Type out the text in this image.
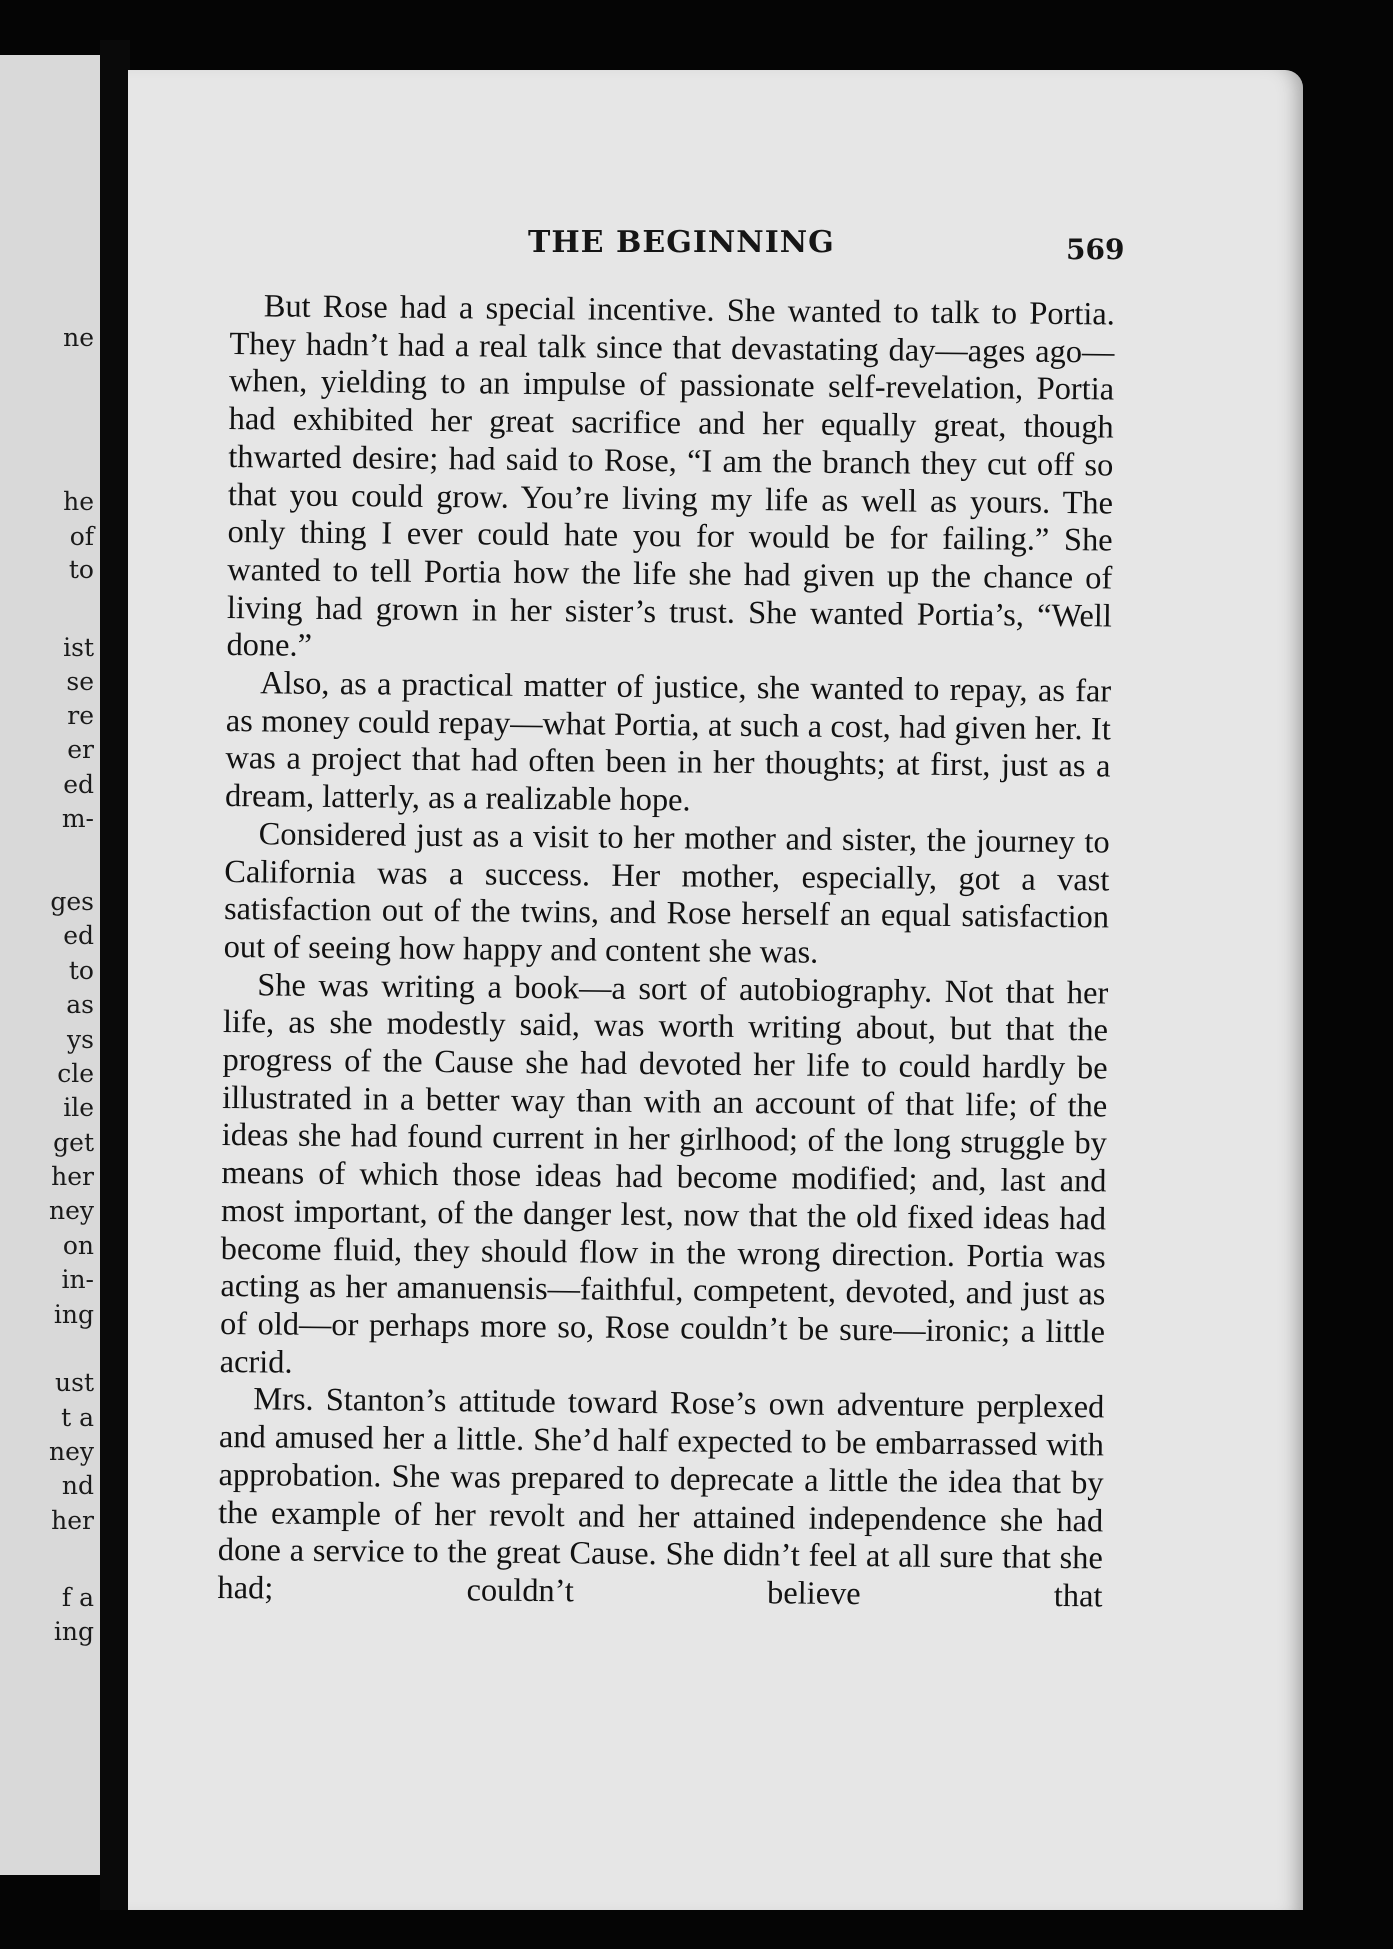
ne
he
of
to
ist
se
re
er
ed
m-
ges
ed
to
as
ys
cle
ile
get
her
ney
on
in-
ing
ust
t a
ney
nd
her
f a
ing
THE BEGINNING	569

But Rose had a special incentive. She wanted to talk to Portia. They hadn’t had a real talk since that devastating day—ages ago—when, yielding to an impulse of passionate self-revelation, Portia had exhibited her great sacrifice and her equally great, though thwarted desire; had said to Rose, “I am the branch they cut off so that you could grow. You’re living my life as well as yours. The only thing I ever could hate you for would be for failing.” She wanted to tell Portia how the life she had given up the chance of living had grown in her sister’s trust. She wanted Portia’s, “Well done.”

Also, as a practical matter of justice, she wanted to repay, as far as money could repay—what Portia, at such a cost, had given her. It was a project that had often been in her thoughts; at first, just as a dream, latterly, as a realizable hope.

Considered just as a visit to her mother and sister, the journey to California was a success. Her mother, especially, got a vast satisfaction out of the twins, and Rose herself an equal satisfaction out of seeing how happy and content she was.

She was writing a book—a sort of autobiography. Not that her life, as she modestly said, was worth writing about, but that the progress of the Cause she had devoted her life to could hardly be illustrated in a better way than with an account of that life; of the ideas she had found current in her girlhood; of the long struggle by means of which those ideas had become modified; and, last and most important, of the danger lest, now that the old fixed ideas had become fluid, they should flow in the wrong direction. Portia was acting as her amanuensis—faithful, competent, devoted, and just as of old—or perhaps more so, Rose couldn’t be sure—ironic; a little acrid.

Mrs. Stanton’s attitude toward Rose’s own adventure perplexed and amused her a little. She’d half expected to be embarrassed with approbation. She was prepared to deprecate a little the idea that by the example of her revolt and her attained independence she had done a service to the great Cause. She didn’t feel at all sure that she had; couldn’t believe that
